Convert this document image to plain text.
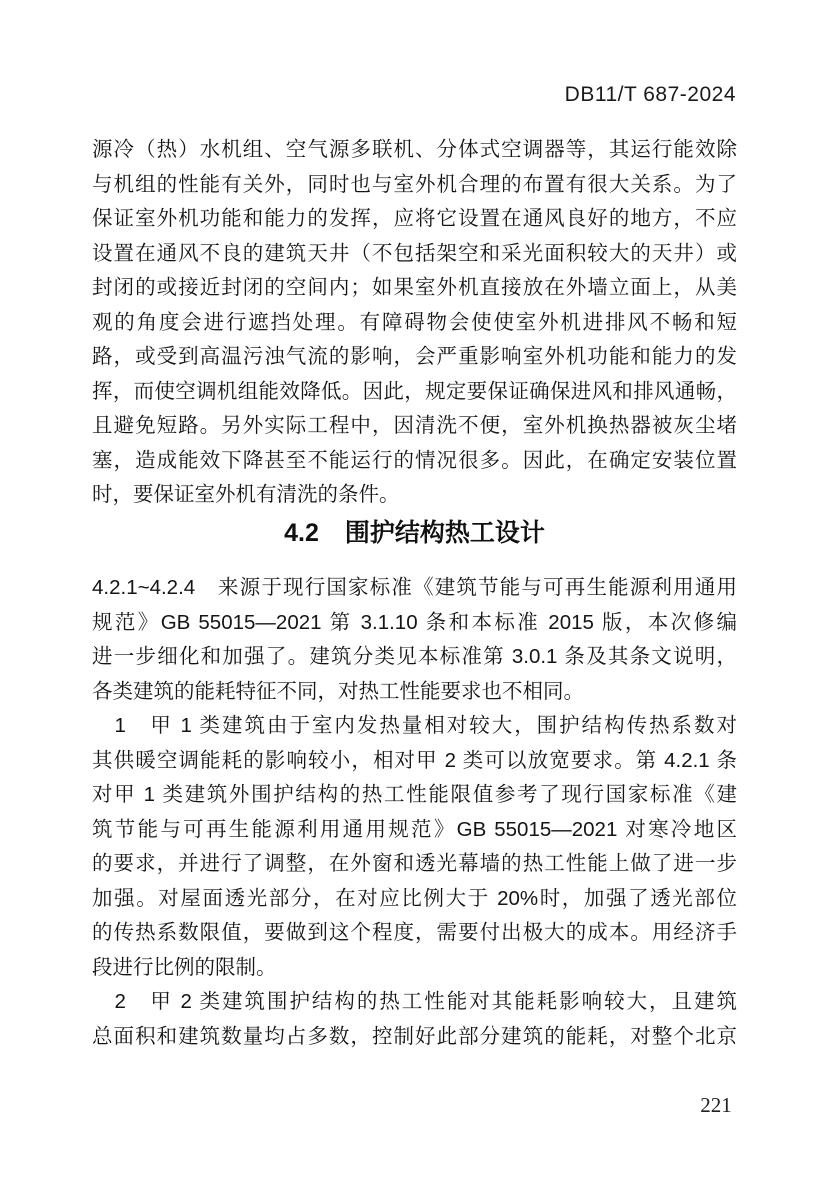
DB11/T 687-2024
源冷（热）水机组、空气源多联机、分体式空调器等，其运行能效除
与机组的性能有关外，同时也与室外机合理的布置有很大关系。为了
保证室外机功能和能力的发挥，应将它设置在通风良好的地方，不应
设置在通风不良的建筑天井（不包括架空和采光面积较大的天井）或
封闭的或接近封闭的空间内；如果室外机直接放在外墙立面上，从美
观的角度会进行遮挡处理。有障碍物会使使室外机进排风不畅和短
路，或受到高温污浊气流的影响，会严重影响室外机功能和能力的发
挥，而使空调机组能效降低。因此，规定要保证确保进风和排风通畅，
且避免短路。另外实际工程中，因清洗不便，室外机换热器被灰尘堵
塞，造成能效下降甚至不能运行的情况很多。因此，在确定安装位置
时，要保证室外机有清洗的条件。
4.2 围护结构热工设计
4.2.1~4.2.4　来源于现行国家标准《建筑节能与可再生能源利用通用
规范》GB 55015—2021 第 3.1.10 条和本标准 2015 版，本次修编
进一步细化和加强了。建筑分类见本标准第 3.0.1 条及其条文说明，
各类建筑的能耗特征不同，对热工性能要求也不相同。
　1　甲 1 类建筑由于室内发热量相对较大，围护结构传热系数对
其供暖空调能耗的影响较小，相对甲 2 类可以放宽要求。第 4.2.1 条
对甲 1 类建筑外围护结构的热工性能限值参考了现行国家标准《建
筑节能与可再生能源利用通用规范》GB 55015—2021 对寒冷地区
的要求，并进行了调整，在外窗和透光幕墙的热工性能上做了进一步
加强。对屋面透光部分，在对应比例大于 20%时，加强了透光部位
的传热系数限值，要做到这个程度，需要付出极大的成本。用经济手
段进行比例的限制。
　2　甲 2 类建筑围护结构的热工性能对其能耗影响较大，且建筑
总面积和建筑数量均占多数，控制好此部分建筑的能耗，对整个北京
221
